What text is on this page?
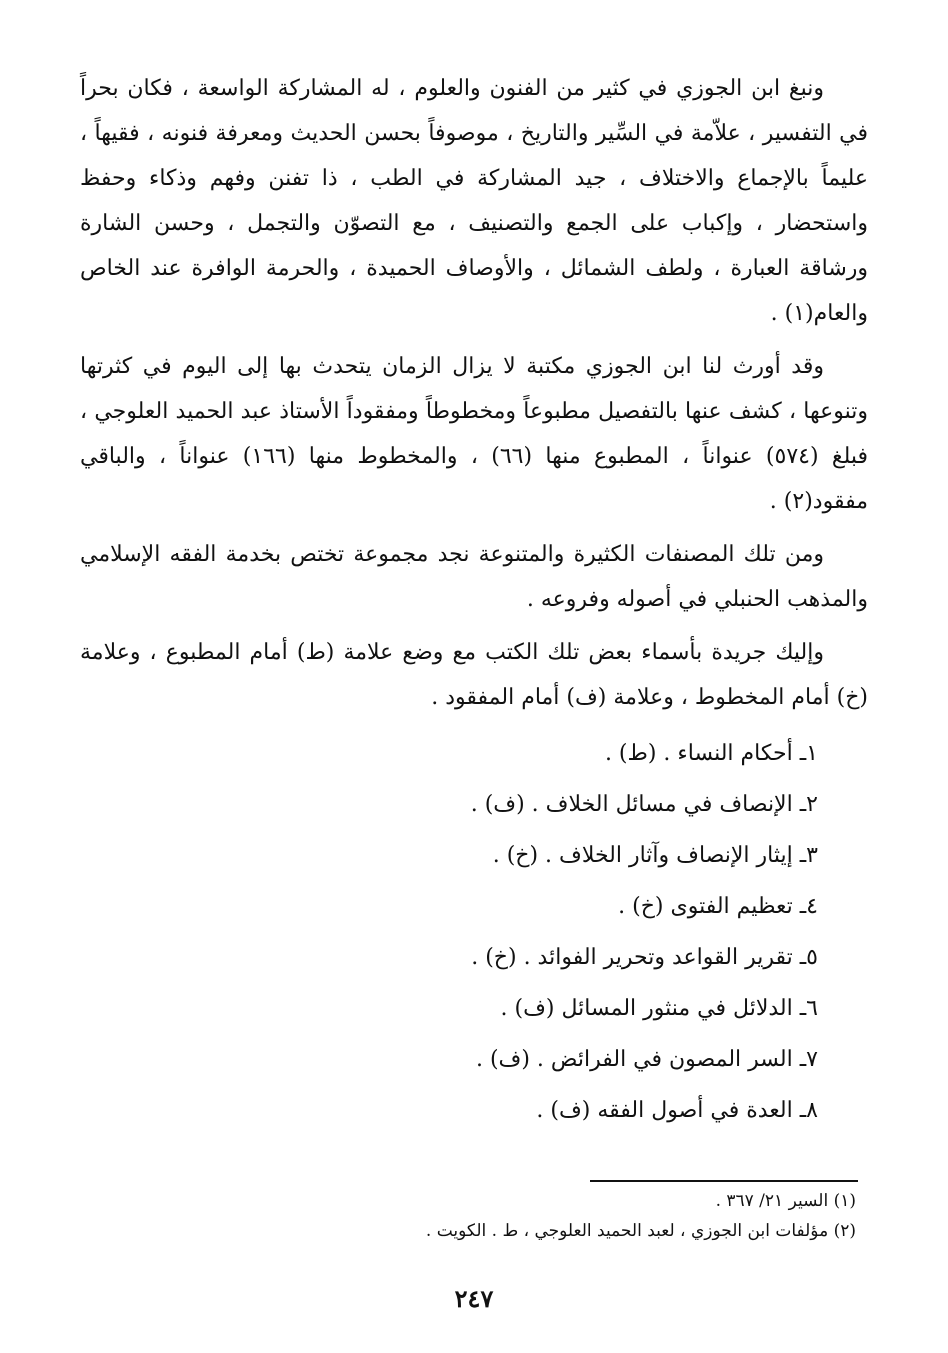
ونبغ ابن الجوزي في كثير من الفنون والعلوم ، له المشاركة الواسعة ، فكان بحراً في التفسير ، علاّمة في السِّير والتاريخ ، موصوفاً بحسن الحديث ومعرفة فنونه ، فقيهاً ، عليماً بالإجماع والاختلاف ، جيد المشاركة في الطب ، ذا تفنن وفهم وذكاء وحفظ واستحضار ، وإكباب على الجمع والتصنيف ، مع التصوّن والتجمل ، وحسن الشارة ورشاقة العبارة ، ولطف الشمائل ، والأوصاف الحميدة ، والحرمة الوافرة عند الخاص والعام(١) .

وقد أورث لنا ابن الجوزي مكتبة لا يزال الزمان يتحدث بها إلى اليوم في كثرتها وتنوعها ، كشف عنها بالتفصيل مطبوعاً ومخطوطاً ومفقوداً الأستاذ عبد الحميد العلوجي ، فبلغ (٥٧٤) عنواناً ، المطبوع منها (٦٦) ، والمخطوط منها (١٦٦) عنواناً ، والباقي مفقود(٢) .

ومن تلك المصنفات الكثيرة والمتنوعة نجد مجموعة تختص بخدمة الفقه الإسلامي والمذهب الحنبلي في أصوله وفروعه .

وإليك جريدة بأسماء بعض تلك الكتب مع وضع علامة (ط) أمام المطبوع ، وعلامة (خ) أمام المخطوط ، وعلامة (ف) أمام المفقود .

١ـ أحكام النساء . (ط) .
٢ـ الإنصاف في مسائل الخلاف . (ف) .
٣ـ إيثار الإنصاف وآثار الخلاف . (خ) .
٤ـ تعظيم الفتوى (خ) .
٥ـ تقرير القواعد وتحرير الفوائد . (خ) .
٦ـ الدلائل في منثور المسائل (ف) .
٧ـ السر المصون في الفرائض . (ف) .
٨ـ العدة في أصول الفقه (ف) .

(١) السير ٢١/ ٣٦٧ .

(٢) مؤلفات ابن الجوزي ، لعبد الحميد العلوجي ، ط . الكويت .

٢٤٧
